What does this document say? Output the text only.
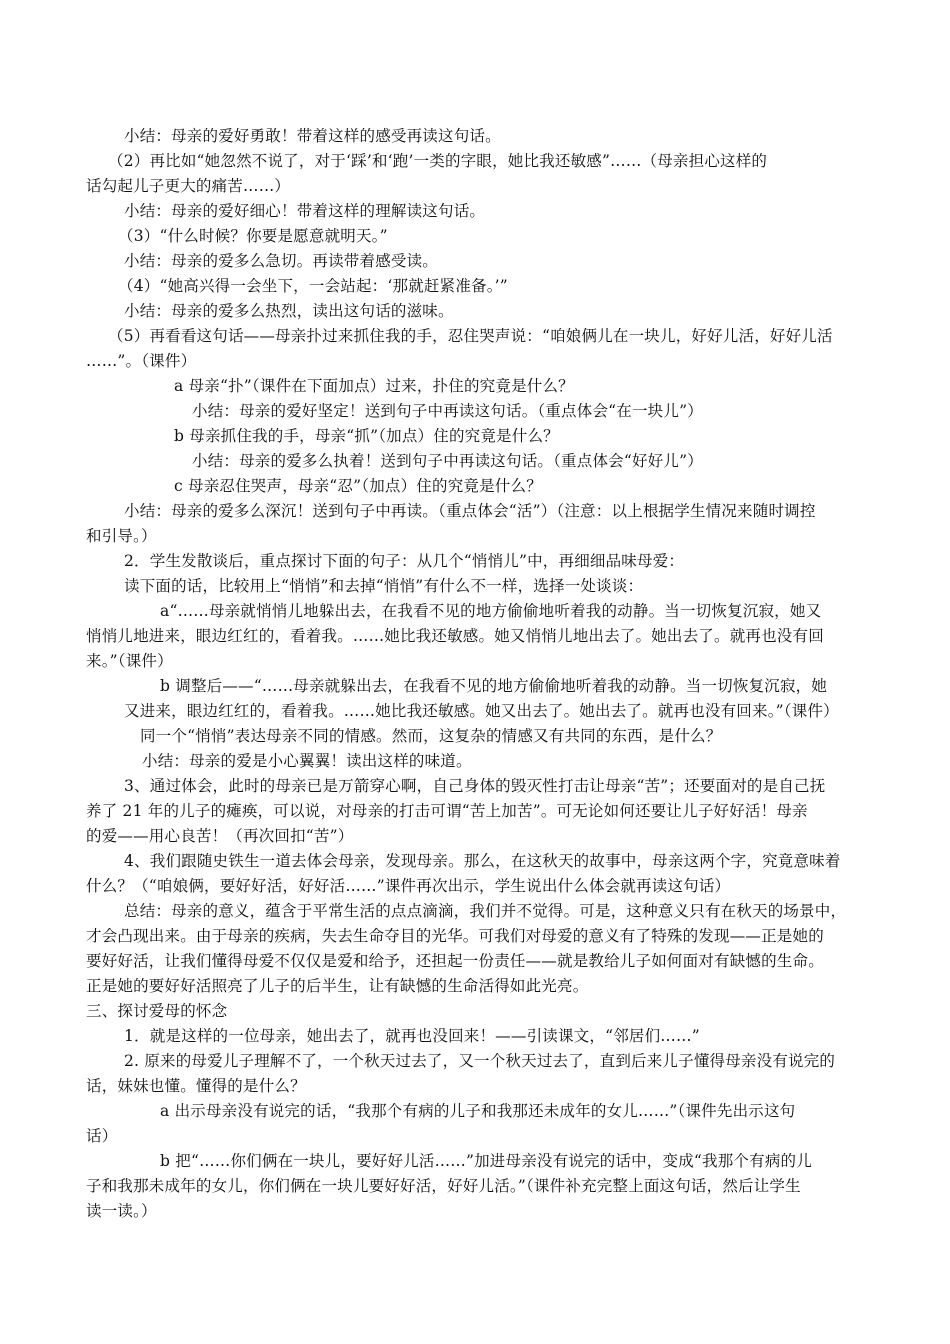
小结：母亲的爱好勇敢！带着这样的感受再读这句话。

（2）再比如“她忽然不说了，对于‘踩’和‘跑’一类的字眼，她比我还敏感”……（母亲担心这样的

话勾起儿子更大的痛苦……）

小结：母亲的爱好细心！带着这样的理解读这句话。

（3）“什么时候？你要是愿意就明天。”

小结：母亲的爱多么急切。再读带着感受读。

（4）“她高兴得一会坐下，一会站起：‘那就赶紧准备。’”

小结：母亲的爱多么热烈，读出这句话的滋味。

（5）再看看这句话——母亲扑过来抓住我的手，忍住哭声说：“咱娘俩儿在一块儿，好好儿活，好好儿活

……”。（课件）

a 母亲“扑”（课件在下面加点）过来，扑住的究竟是什么？

小结：母亲的爱好坚定！送到句子中再读这句话。（重点体会“在一块儿”）

b 母亲抓住我的手，母亲“抓”（加点）住的究竟是什么？

小结：母亲的爱多么执着！送到句子中再读这句话。（重点体会“好好儿”）

c 母亲忍住哭声，母亲“忍”（加点）住的究竟是什么？

小结：母亲的爱多么深沉！送到句子中再读。（重点体会“活”）（注意：以上根据学生情况来随时调控

和引导。）

2．学生发散谈后，重点探讨下面的句子：从几个“悄悄儿”中，再细细品味母爱：

读下面的话，比较用上“悄悄”和去掉“悄悄”有什么不一样，选择一处谈谈：

a“……母亲就悄悄儿地躲出去，在我看不见的地方偷偷地听着我的动静。当一切恢复沉寂，她又

悄悄儿地进来，眼边红红的，看着我。……她比我还敏感。她又悄悄儿地出去了。她出去了。就再也没有回

来。”（课件）

b 调整后——“……母亲就躲出去，在我看不见的地方偷偷地听着我的动静。当一切恢复沉寂，她

又进来，眼边红红的，看着我。……她比我还敏感。她又出去了。她出去了。就再也没有回来。”（课件）

同一个“悄悄”表达母亲不同的情感。然而，这复杂的情感又有共同的东西，是什么？

小结：母亲的爱是小心翼翼！读出这样的味道。

3、通过体会，此时的母亲已是万箭穿心啊，自己身体的毁灭性打击让母亲“苦”；还要面对的是自己抚

养了 21 年的儿子的瘫痪，可以说，对母亲的打击可谓“苦上加苦”。可无论如何还要让儿子好好活！母亲

的爱——用心良苦！（再次回扣“苦”）

4、我们跟随史铁生一道去体会母亲，发现母亲。那么，在这秋天的故事中，母亲这两个字，究竟意味着

什么？（“咱娘俩，要好好活，好好活……”课件再次出示，学生说出什么体会就再读这句话）

总结：母亲的意义，蕴含于平常生活的点点滴滴，我们并不觉得。可是，这种意义只有在秋天的场景中，

才会凸现出来。由于母亲的疾病，失去生命夺目的光华。可我们对母爱的意义有了特殊的发现——正是她的

要好好活，让我们懂得母爱不仅仅是爱和给予，还担起一份责任——就是教给儿子如何面对有缺憾的生命。

正是她的要好好活照亮了儿子的后半生，让有缺憾的生命活得如此光亮。

三、探讨爱母的怀念

1．就是这样的一位母亲，她出去了，就再也没回来！——引读课文，“邻居们……”

2. 原来的母爱儿子理解不了，一个秋天过去了，又一个秋天过去了，直到后来儿子懂得母亲没有说完的

话，妹妹也懂。懂得的是什么？

a 出示母亲没有说完的话，“我那个有病的儿子和我那还未成年的女儿……”（课件先出示这句

话）

b 把“……你们俩在一块儿，要好好儿活……”加进母亲没有说完的话中，变成“我那个有病的儿

子和我那未成年的女儿，你们俩在一块儿要好好活，好好儿活。”（课件补充完整上面这句话，然后让学生

读一读。）
